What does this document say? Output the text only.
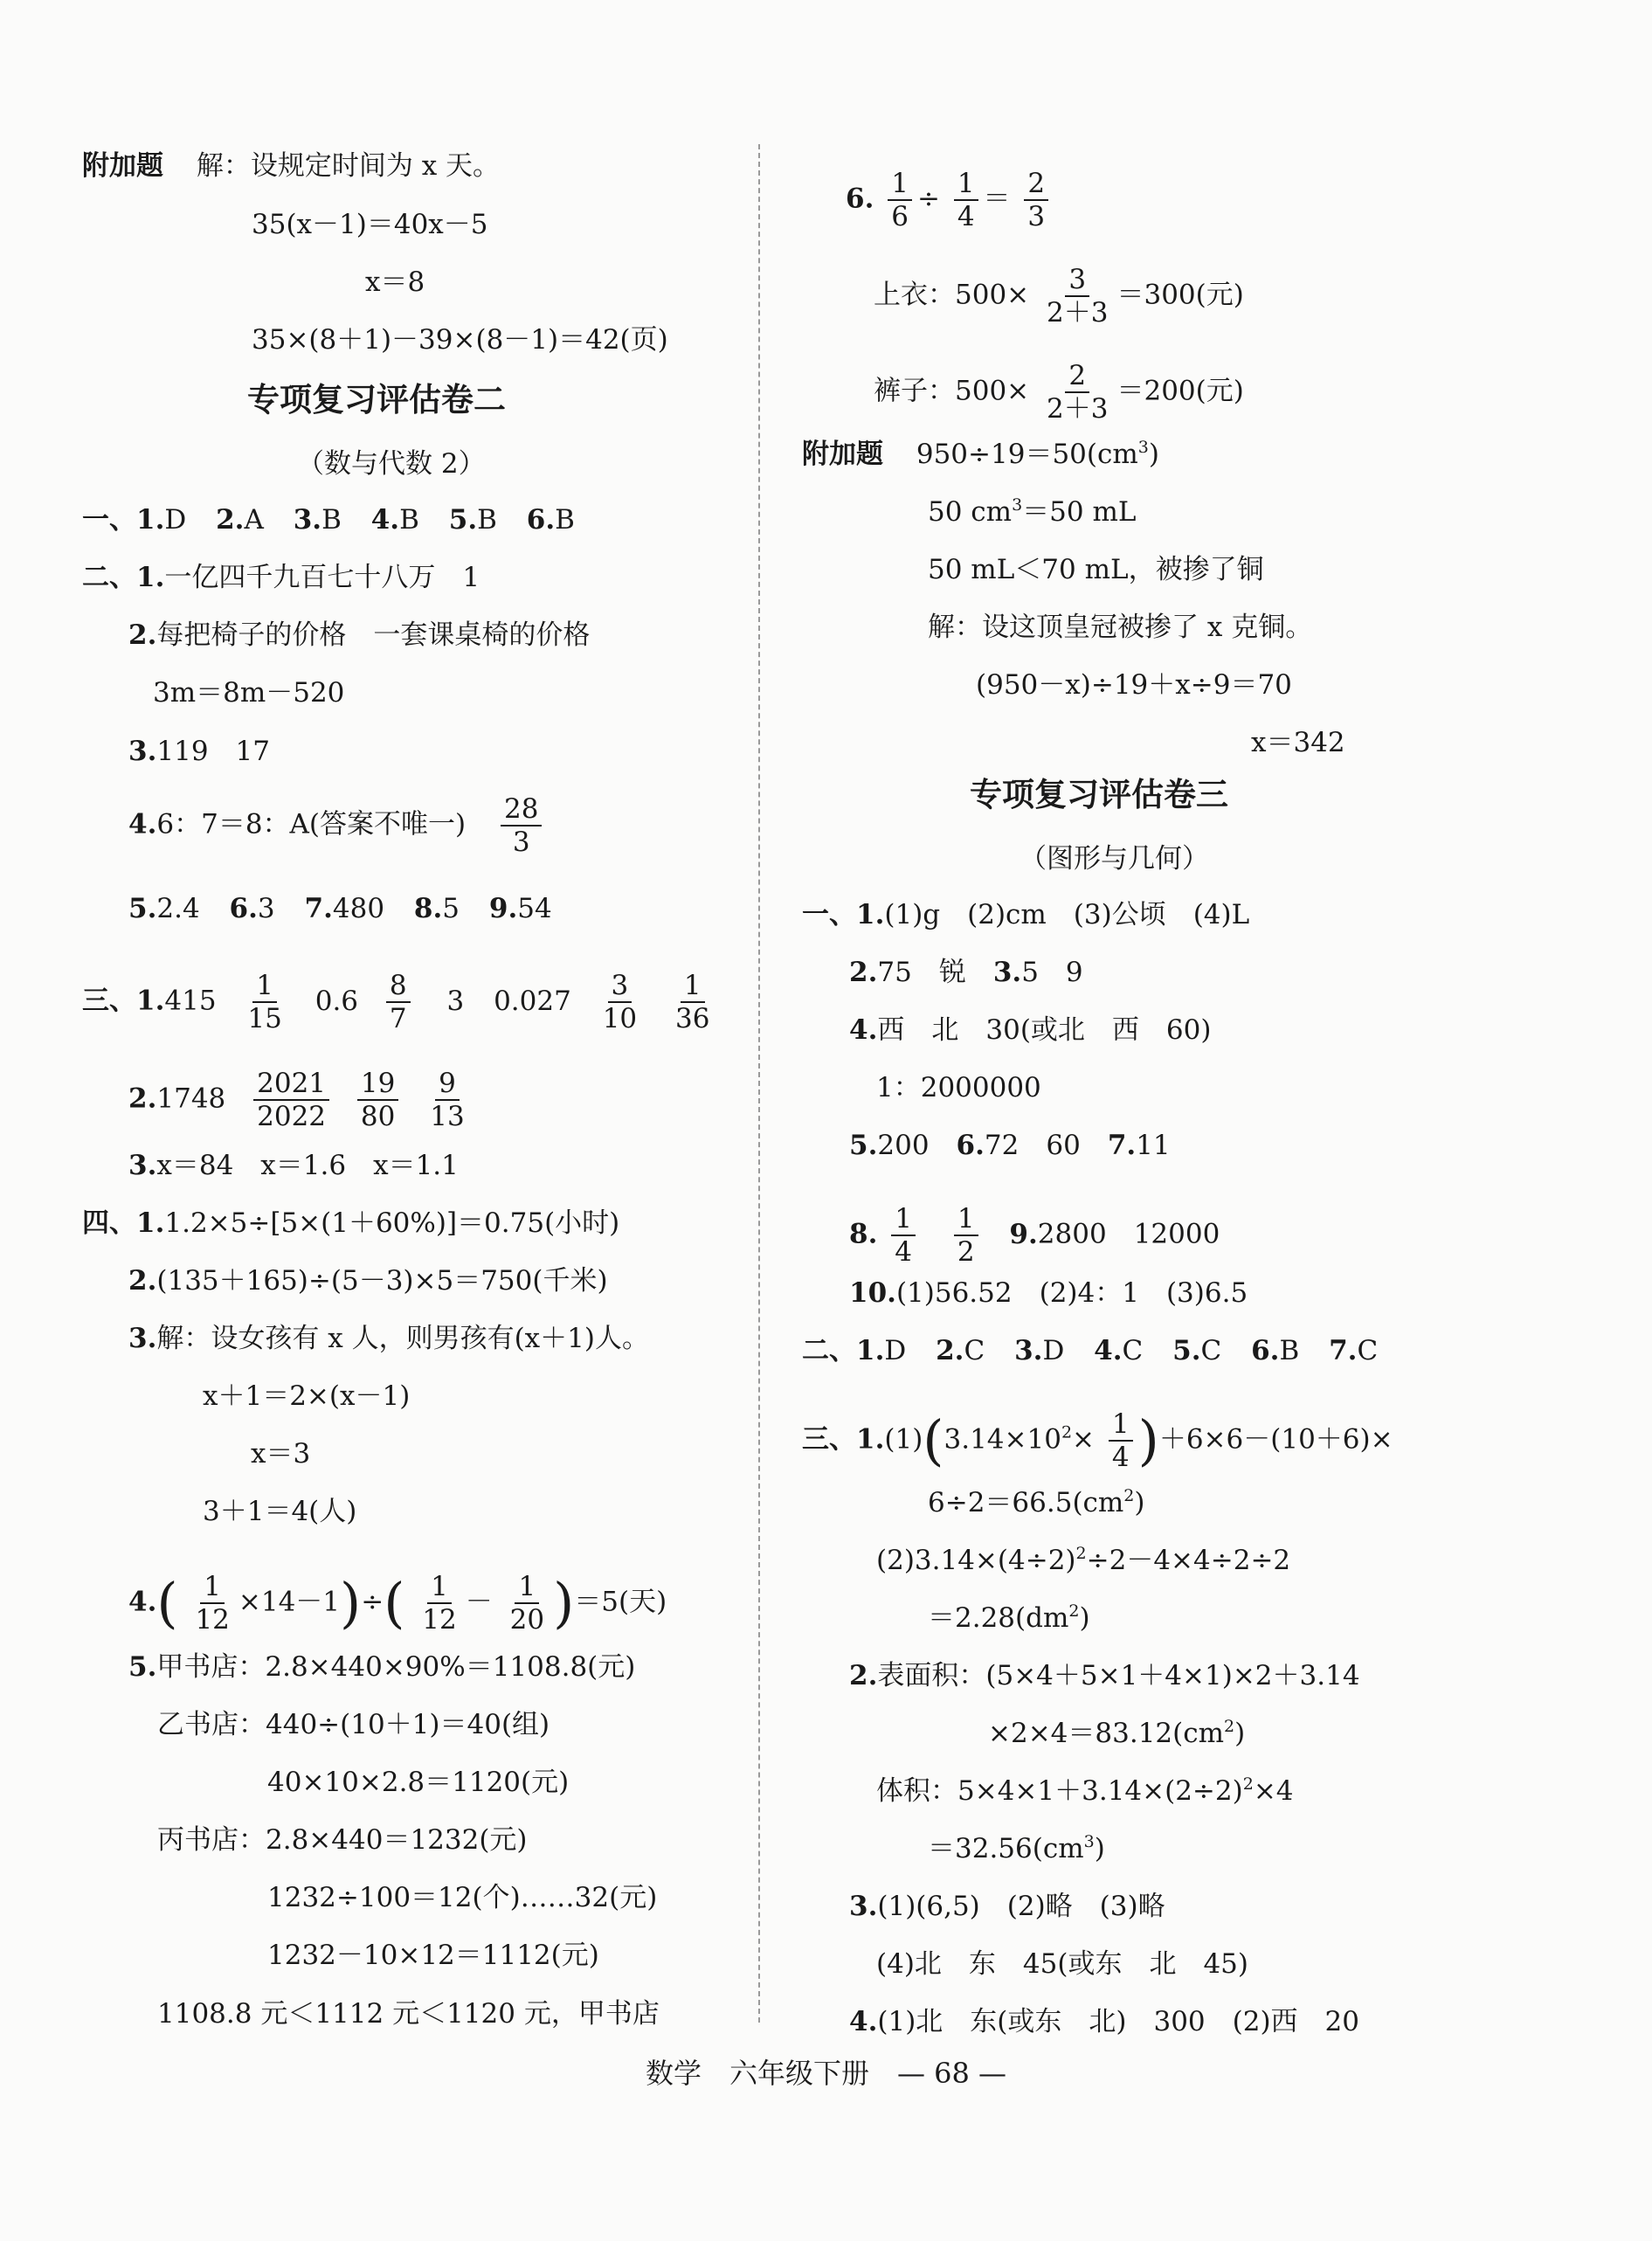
附加题 解：设规定时间为 x 天。
35(x－1)＝40x－5
x＝8
35×(8＋1)－39×(8－1)＝42(页)
专项复习评估卷二
（数与代数 2）
一、1.D 2.A 3.B 4.B 5.B 6.B
二、1.一亿四千九百七十八万　1
2.每把椅子的价格　一套课桌椅的价格
3m＝8m－520
3.119　17
4.6：7＝8：A(答案不唯一) $\frac{28}{3}$
5.2.4 6.3 7.480 8.5 9.54
三、$1.415 \frac{1}{15} 0.6 \frac{8}{7} 3$ $0.027 \frac{3}{10}$
$\frac{1}{36}$
$2.1748 \frac{2021}{2022}$
$\frac{19}{80}$
$\frac{9}{13}$
3.x＝84　x＝1.6　x＝1.1
四、1.1.2×5÷[5×(1＋60%)]＝0.75(小时)
2.(135＋165)÷(5－3)×5＝750(千米)
3.解：设女孩有 x 人，则男孩有(x＋1)人。
x＋1＝2×(x－1)
x＝3
3＋1＝4(人)
$4.( \frac{1}{12} \times 14-1)\div( \frac{1}{12} - \frac{1}{20} )=5$(天)
5.甲书店：2.8×440×90%＝1108.8(元)
乙书店：440÷(10＋1)＝40(组)
40×10×2.8＝1120(元)
丙书店：2.8×440＝1232(元)
1232÷100＝12(个)……32(元)
1232－10×12＝1112(元)
1108.8 元＜1112 元＜1120 元，甲书店
6. $\frac{1}{6} \div \frac{1}{4} = \frac{2}{3}$
上衣：$500\times \frac{3}{2+3} =300$(元)
裤子：$500\times \frac{2}{2+3} =200$(元)
附加题 $950\div 19=50(cm^3)$
50 $cm^3=50$ mL
50 mL＜70 mL，被掺了铜
解：设这顶皇冠被掺了 x 克铜。
(950－x)÷19＋x÷9＝70
x＝342
专项复习评估卷三
（图形与几何）
一、1.(1)g　(2)cm　(3)公顷　(4)L
2.75　锐　3.5　9
4.西　北　30(或北　西　60)
1：2000000
5.200　6.72　60　7.11
8. $\frac{1}{4}$
$\frac{1}{2} 9.2800$　12000
10.(1)56.52　(2)4：1　(3)6.5
二、1.D 2.C 3.D 4.C 5.C 6.B 7.C
三、$1.(1)(3.14\times 10^2\times \frac{1}{4} )+6\times 6-(10+6)\times$
$6\div 2=66.5(cm^2)$
$(2)3.14\times(4\div 2)^2\div 2-4\times 4\div 2\div 2$
$=2.28(dm^2)$
2.表面积：(5×4＋5×1＋4×1)×2＋3.14
$\times 2\times 4=83.12(cm^2)$
体积：$5\times 4\times 1+3.14\times(2\div 2)^2\times 4$
$=32.56(cm^3)$
3.(1)(6,5)　(2)略　(3)略
(4)北　东　45(或东　北　45)
4.(1)北　东(或东　北)　300　(2)西　20
数学　六年级下册　— 68 —
